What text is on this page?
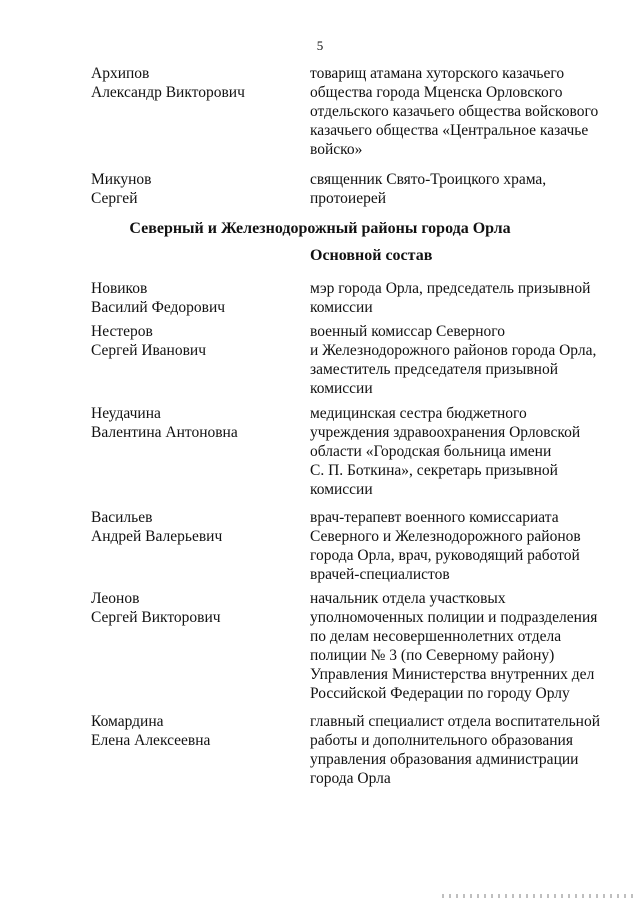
5
Архипов
Александр Викторович
товарищ атамана хуторского казачьего
общества города Мценска Орловского
отдельского казачьего общества войскового
казачьего общества «Центральное казачье
войско»
Микунов
Сергей
священник Свято-Троицкого храма,
протоиерей
Северный и Железнодорожный районы города Орла
Основной состав
Новиков
Василий Федорович
мэр города Орла, председатель призывной
комиссии
Нестеров
Сергей Иванович
военный комиссар Северного
и Железнодорожного районов города Орла,
заместитель председателя призывной
комиссии
Неудачина
Валентина Антоновна
медицинская сестра бюджетного
учреждения здравоохранения Орловской
области «Городская больница имени
С. П. Боткина», секретарь призывной
комиссии
Васильев
Андрей Валерьевич
врач-терапевт военного комиссариата
Северного и Железнодорожного районов
города Орла, врач, руководящий работой
врачей-специалистов
Леонов
Сергей Викторович
начальник отдела участковых
уполномоченных полиции и подразделения
по делам несовершеннолетних отдела
полиции № 3 (по Северному району)
Управления Министерства внутренних дел
Российской Федерации по городу Орлу
Комардина
Елена Алексеевна
главный специалист отдела воспитательной
работы и дополнительного образования
управления образования администрации
города Орла
